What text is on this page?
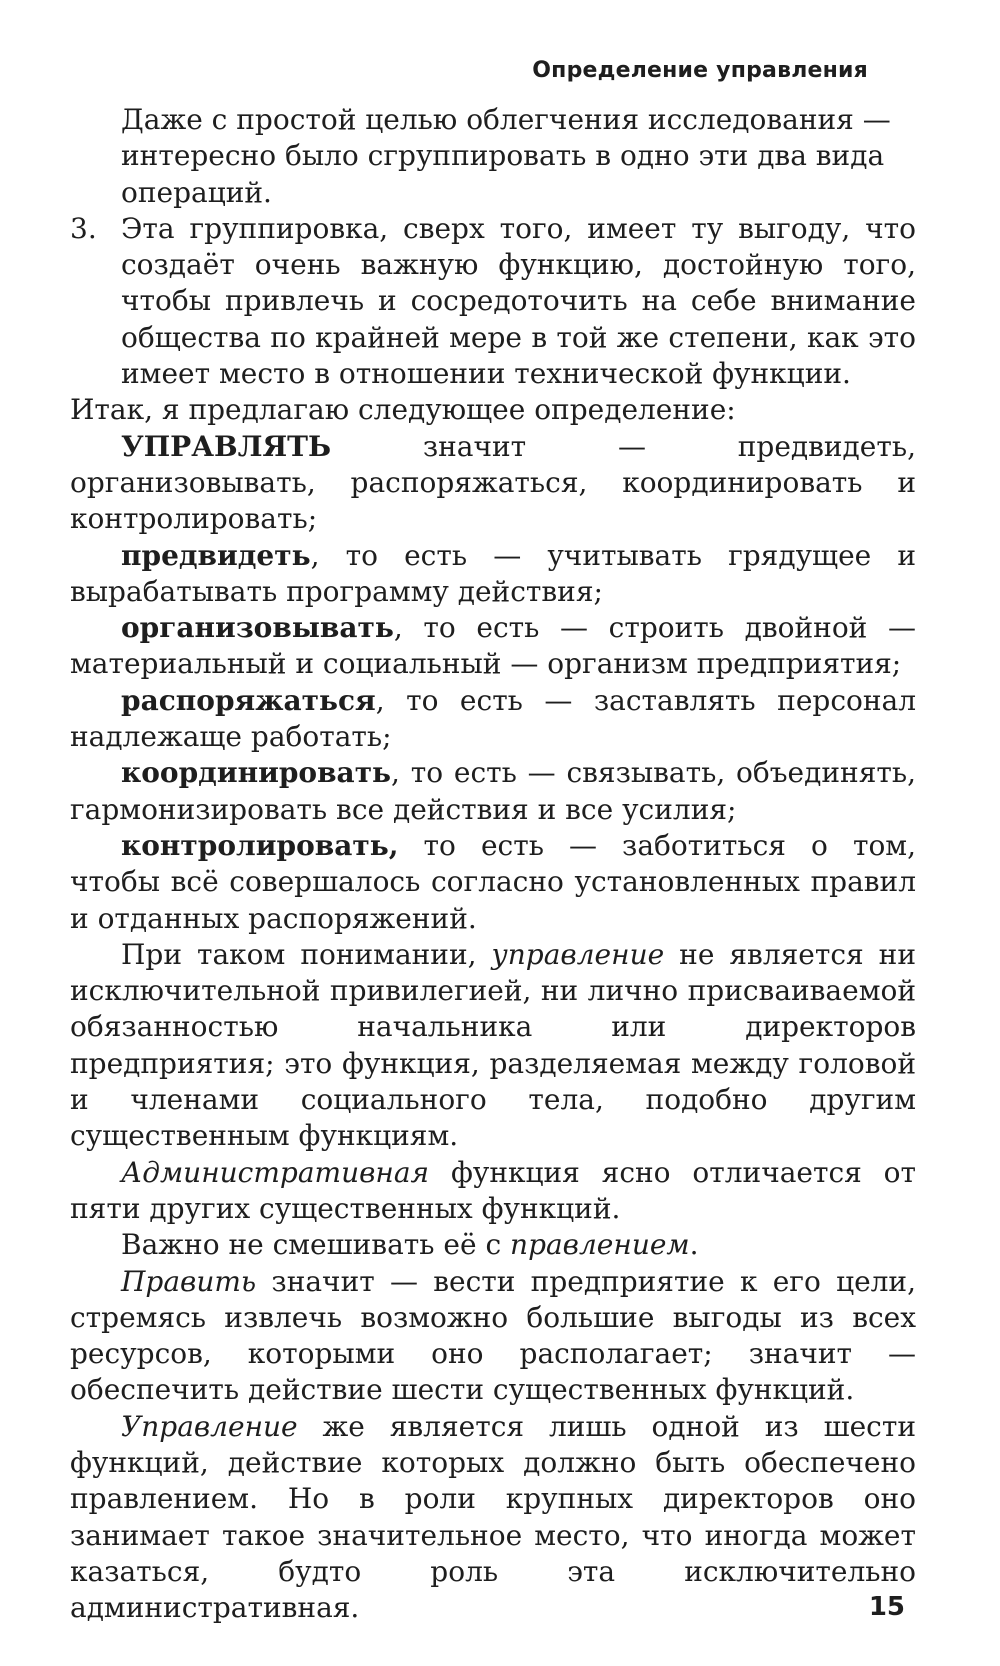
Определение управления
Даже с простой целью облегчения исследования —
интересно было сгруппировать в одно эти два вида
операций.
3. Эта группировка, сверх того, имеет ту выгоду, что создаёт очень важную функцию, достойную того, чтобы привлечь и сосредоточить на себе внимание общества по крайней мере в той же степени, как это имеет место в отношении технической функции.

Итак, я предлагаю следующее определение:

УПРАВЛЯТЬ значит — предвидеть, организовывать, распоряжаться, координировать и контролировать;

предвидеть, то есть — учитывать грядущее и вырабатывать программу действия;

организовывать, то есть — строить двойной — материальный и социальный — организм предприятия;

распоряжаться, то есть — заставлять персонал надлежаще работать;

координировать, то есть — связывать, объединять, гармонизировать все действия и все усилия;

контролировать, то есть — заботиться о том, чтобы всё совершалось согласно установленных правил и отданных распоряжений.

При таком понимании, управление не является ни исключительной привилегией, ни лично присваиваемой обязанностью начальника или директоров предприятия; это функция, разделяемая между головой и членами социального тела, подобно другим существенным функциям.

Административная функция ясно отличается от пяти других существенных функций.

Важно не смешивать её с правлением.

Править значит — вести предприятие к его цели, стремясь извлечь возможно большие выгоды из всех ресурсов, которыми оно располагает; значит — обеспечить действие шести существенных функций.

Управление же является лишь одной из шести функций, действие которых должно быть обеспечено правлением. Но в роли крупных директоров оно занимает такое значительное место, что иногда может казаться, будто роль эта исключительно административная.	15
